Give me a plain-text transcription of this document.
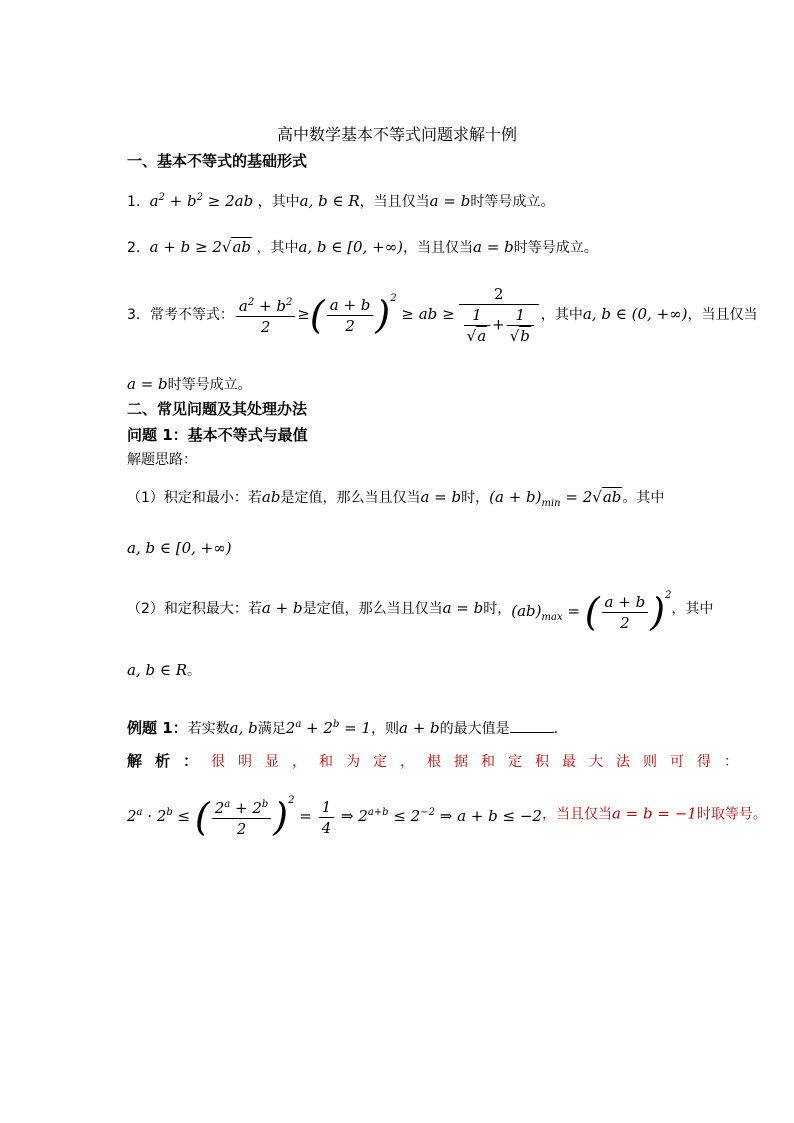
高中数学基本不等式问题求解十例
一、基本不等式的基础形式
1.  $a^2 + b^2 \ge 2ab$ ，其中a, b ∈ R，当且仅当a = b时等号成立。
2.  a + b ≥ 2√ab ，其中a, b ∈ [0, +∞)，当且仅当a = b时等号成立。
3．常考不等式： $\frac{a^2 + b^2}{2}$ ≥( $\frac{a + b}{2} )^2$ ≥ ab ≥ $\frac{2}{\frac{1}{√a} + \frac{1}{√b}}$ ，其中a, b ∈ (0, +∞)，当且仅当
a = b时等号成立。
二、常见问题及其处理办法
问题 1：基本不等式与最值
解题思路：
（1）积定和最小：若ab是定值，那么当且仅当a = b时，$(a + b)_{min} = 2√ab$。其中
a, b ∈ [0, +∞)
（2）和定积最大：若a + b是定值，那么当且仅当a = b时，$(ab)_{max}$ = ( $\frac{a + b}{2} )^2$，其中
a, b ∈ R。
例题 1：若实数a, b满足$2^a + 2^b = 1$，则a + b的最大值是	.
解析：很明显，和为定，根据和定积最大法则可得：
$2^a \cdot 2^b$ ≤ ( $\frac{2^a + 2^b}{2} )^2 = \frac{1}{4}$ ⇒ $2^{a+b} \le 2^{-2}$ ⇒ a + b ≤ −2，当且仅当a = b = −1时取等号。
